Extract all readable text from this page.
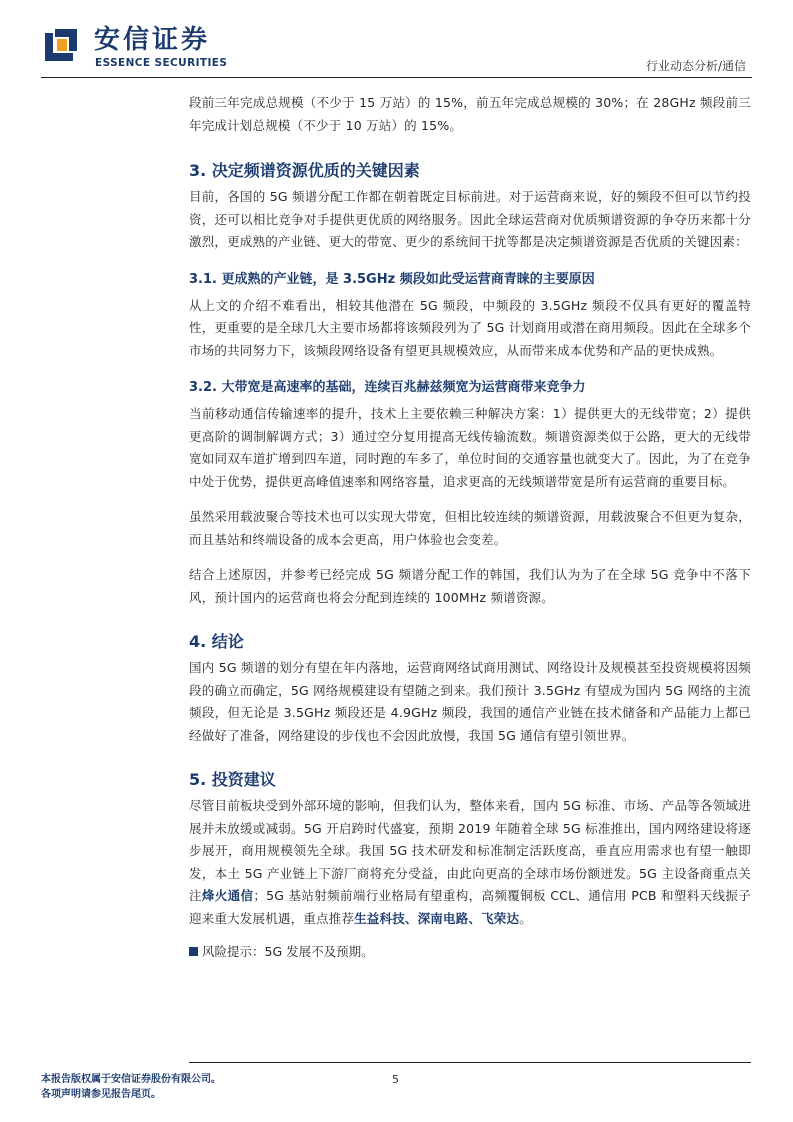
安信证券
ESSENCE SECURITIES	行业动态分析/通信

段前三年完成总规模（不少于 15 万站）的 15%，前五年完成总规模的 30%；在 28GHz 频段前三年完成计划总规模（不少于 10 万站）的 15%。

3. 决定频谱资源优质的关键因素

目前，各国的 5G 频谱分配工作都在朝着既定目标前进。对于运营商来说，好的频段不但可以节约投资，还可以相比竞争对手提供更优质的网络服务。因此全球运营商对优质频谱资源的争夺历来都十分激烈，更成熟的产业链、更大的带宽、更少的系统间干扰等都是决定频谱资源是否优质的关键因素：

3.1. 更成熟的产业链，是 3.5GHz 频段如此受运营商青睐的主要原因

从上文的介绍不难看出，相较其他潜在 5G 频段，中频段的 3.5GHz 频段不仅具有更好的覆盖特性，更重要的是全球几大主要市场都将该频段列为了 5G 计划商用或潜在商用频段。因此在全球多个市场的共同努力下，该频段网络设备有望更具规模效应，从而带来成本优势和产品的更快成熟。

3.2. 大带宽是高速率的基础，连续百兆赫兹频宽为运营商带来竞争力

当前移动通信传输速率的提升，技术上主要依赖三种解决方案：1）提供更大的无线带宽；2）提供更高阶的调制解调方式；3）通过空分复用提高无线传输流数。频谱资源类似于公路，更大的无线带宽如同双车道扩增到四车道，同时跑的车多了，单位时间的交通容量也就变大了。因此，为了在竞争中处于优势，提供更高峰值速率和网络容量，追求更高的无线频谱带宽是所有运营商的重要目标。

虽然采用载波聚合等技术也可以实现大带宽，但相比较连续的频谱资源，用载波聚合不但更为复杂，而且基站和终端设备的成本会更高，用户体验也会变差。

结合上述原因，并参考已经完成 5G 频谱分配工作的韩国，我们认为为了在全球 5G 竞争中不落下风，预计国内的运营商也将会分配到连续的 100MHz 频谱资源。

4. 结论

国内 5G 频谱的划分有望在年内落地，运营商网络试商用测试、网络设计及规模甚至投资规模将因频段的确立而确定，5G 网络规模建设有望随之到来。我们预计 3.5GHz 有望成为国内 5G 网络的主流频段，但无论是 3.5GHz 频段还是 4.9GHz 频段，我国的通信产业链在技术储备和产品能力上都已经做好了准备，网络建设的步伐也不会因此放慢，我国 5G 通信有望引领世界。

5. 投资建议

尽管目前板块受到外部环境的影响，但我们认为，整体来看，国内 5G 标准、市场、产品等各领域进展并未放缓或减弱。5G 开启跨时代盛宴，预期 2019 年随着全球 5G 标准推出，国内网络建设将逐步展开，商用规模领先全球。我国 5G 技术研发和标准制定活跃度高，垂直应用需求也有望一触即发，本土 5G 产业链上下游厂商将充分受益，由此向更高的全球市场份额迸发。5G 主设备商重点关注烽火通信；5G 基站射频前端行业格局有望重构，高频覆铜板 CCL、通信用 PCB 和塑料天线振子迎来重大发展机遇，重点推荐生益科技、深南电路、飞荣达。

风险提示：5G 发展不及预期。

本报告版权属于安信证券股份有限公司。
各项声明请参见报告尾页。
5
